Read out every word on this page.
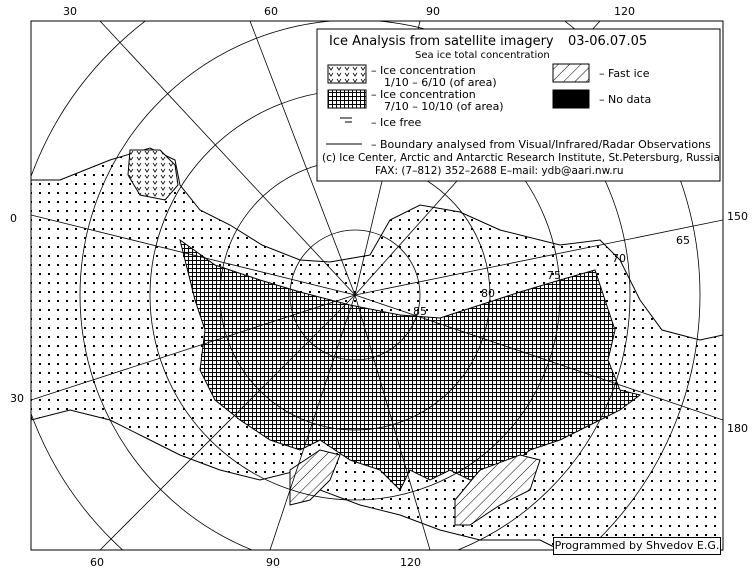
30	60	90	120
0
30
150
180
60	90	120
85
80
75
70
65
Ice Analysis from satellite imagery 03-06.07.05
Sea ice total concentration
– Ice concentration
1/10 – 6/10 (of area)
– Ice concentration
7/10 – 10/10 (of area)
– Ice free
– Fast ice
– No data
– Boundary analysed from Visual/Infrared/Radar Observations
(c) Ice Center, Arctic and Antarctic Research Institute, St.Petersburg, Russia
FAX: (7–812) 352–2688 E–mail: ydb@aari.nw.ru
Programmed by Shvedov E.G.
